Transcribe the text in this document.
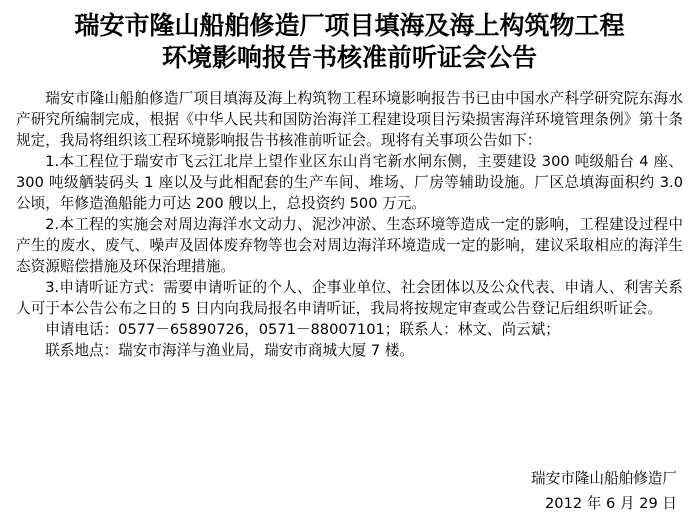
瑞安市隆山船舶修造厂项目填海及海上构筑物工程
环境影响报告书核准前听证会公告

瑞安市隆山船舶修造厂项目填海及海上构筑物工程环境影响报告书已由中国水产科学研究院东海水产研究所编制完成，根据《中华人民共和国防治海洋工程建设项目污染损害海洋环境管理条例》第十条规定，我局将组织该工程环境影响报告书核准前听证会。现将有关事项公告如下：

1.本工程位于瑞安市飞云江北岸上望作业区东山肖宅新水闸东侧，主要建设 300 吨级船台 4 座、300 吨级舾装码头 1 座以及与此相配套的生产车间、堆场、厂房等辅助设施。厂区总填海面积约 3.0 公顷，年修造渔船能力可达 200 艘以上，总投资约 500 万元。

2.本工程的实施会对周边海洋水文动力、泥沙冲淤、生态环境等造成一定的影响，工程建设过程中产生的废水、废气、噪声及固体废弃物等也会对周边海洋环境造成一定的影响，建议采取相应的海洋生态资源赔偿措施及环保治理措施。

3.申请听证方式：需要申请听证的个人、企事业单位、社会团体以及公众代表、申请人、利害关系人可于本公告公布之日的 5 日内向我局报名申请听证，我局将按规定审查或公告登记后组织听证会。

申请电话：0577－65890726，0571－88007101；联系人：林文、尚云斌；

联系地点：瑞安市海洋与渔业局，瑞安市商城大厦 7 楼。

瑞安市隆山船舶修造厂
2012 年 6 月 29 日
